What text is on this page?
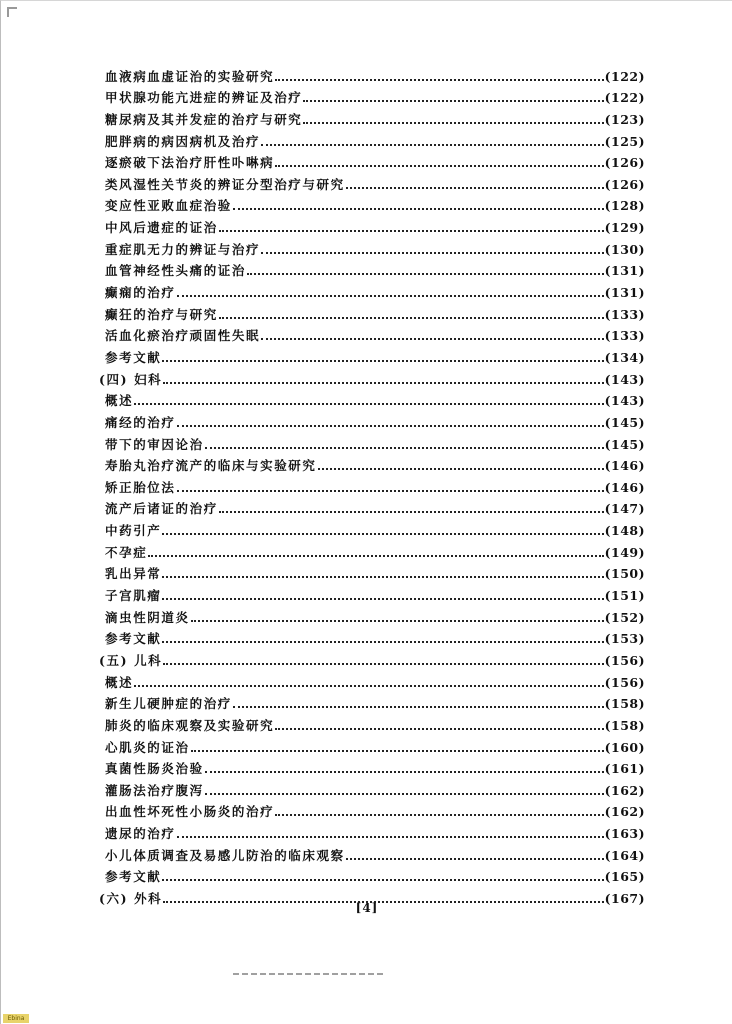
血液病血虚证治的实验研究	(122)
甲状腺功能亢进症的辨证及治疗	(122)
糖尿病及其并发症的治疗与研究	(123)
肥胖病的病因病机及治疗	(125)
逐瘀破下法治疗肝性卟啉病	(126)
类风湿性关节炎的辨证分型治疗与研究	(126)
变应性亚败血症治验	(128)
中风后遗症的证治	(129)
重症肌无力的辨证与治疗	(130)
血管神经性头痛的证治	(131)
癫痫的治疗	(131)
癫狂的治疗与研究	(133)
活血化瘀治疗顽固性失眠	(133)
参考文献	(134)
(四) 妇科	(143)
概述	(143)
痛经的治疗	(145)
带下的审因论治	(145)
寿胎丸治疗流产的临床与实验研究	(146)
矫正胎位法	(146)
流产后诸证的治疗	(147)
中药引产	(148)
不孕症	(149)
乳出异常	(150)
子宫肌瘤	(151)
滴虫性阴道炎	(152)
参考文献	(153)
(五) 儿科	(156)
概述	(156)
新生儿硬肿症的治疗	(158)
肺炎的临床观察及实验研究	(158)
心肌炎的证治	(160)
真菌性肠炎治验	(161)
灌肠法治疗腹泻	(162)
出血性坏死性小肠炎的治疗	(162)
遗尿的治疗	(163)
小儿体质调查及易感儿防治的临床观察	(164)
参考文献	(165)
(六) 外科	(167)
[4]
Ebina
